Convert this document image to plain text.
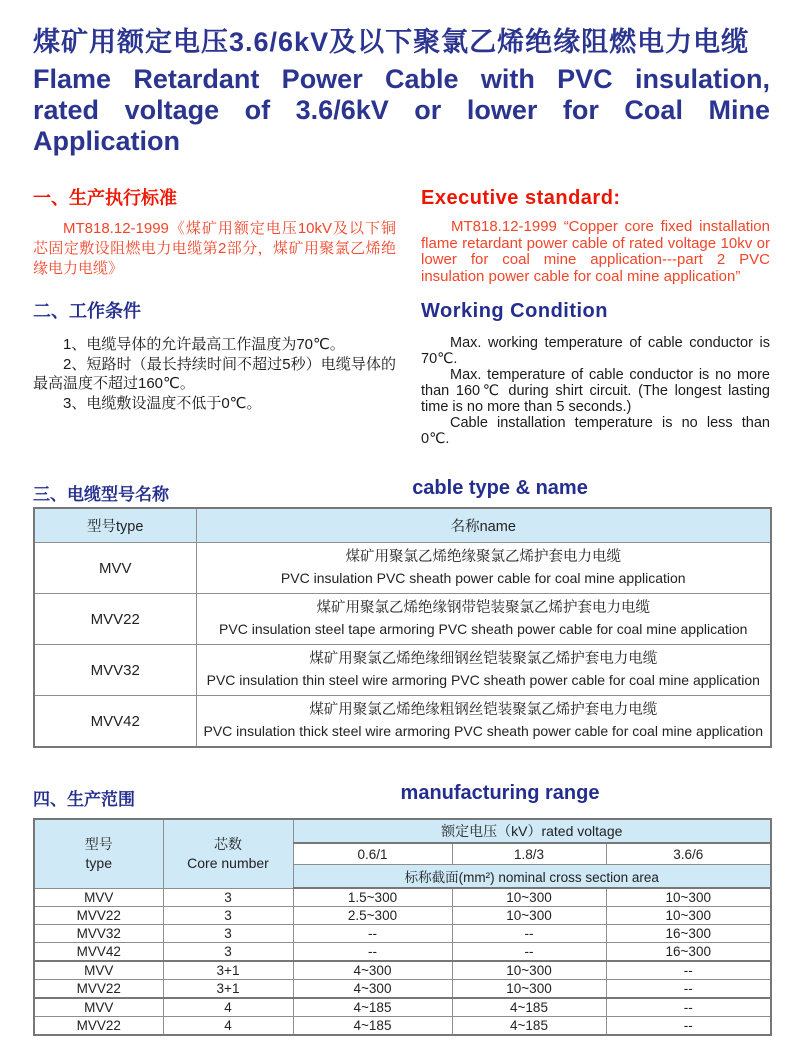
煤矿用额定电压3.6/6kV及以下聚氯乙烯绝缘阻燃电力电缆
Flame Retardant Power Cable with PVC insulation,
rated voltage of 3.6/6kV or lower for Coal Mine
Application
一、生产执行标准

MT818.12-1999《煤矿用额定电压10kV及以下铜芯固定敷设阻燃电力电缆第2部分，煤矿用聚氯乙烯绝缘电力电缆》

二、工作条件

1、电缆导体的允许最高工作温度为70℃。

2、短路时（最长持续时间不超过5秒）电缆导体的最高温度不超过160℃。

3、电缆敷设温度不低于0℃。

Executive standard:

MT818.12-1999 “Copper core fixed installation flame retardant power cable of rated voltage 10kv or lower for coal mine application---part 2 PVC insulation power cable for coal mine application”

Working Condition

Max. working temperature of cable conductor is 70℃.

Max. temperature of cable conductor is no more than 160℃ during shirt circuit. (The longest lasting time is no more than 5 seconds.)

Cable installation temperature is no less than 0℃.

三、电缆型号名称	cable type & name
型号type	名称name
MVV	煤矿用聚氯乙烯绝缘聚氯乙烯护套电力电缆
PVC insulation PVC sheath power cable for coal mine application

MVV22	煤矿用聚氯乙烯绝缘钢带铠装聚氯乙烯护套电力电缆
PVC insulation steel tape armoring PVC sheath power cable for coal mine application

MVV32	煤矿用聚氯乙烯绝缘细钢丝铠装聚氯乙烯护套电力电缆
PVC insulation thin steel wire armoring PVC sheath power cable for coal mine application

MVV42	煤矿用聚氯乙烯绝缘粗钢丝铠装聚氯乙烯护套电力电缆
PVC insulation thick steel wire armoring PVC sheath power cable for coal mine application
四、生产范围	manufacturing range
型号
type

芯数
Core number
	额定电压（kV）rated voltage
		0.6/1	1.8/3	3.6/6
		标称截面(mm²) nominal cross section area		
MVV	3	1.5~300	10~300	10~300
MVV22	3	2.5~300	10~300	10~300
MVV32	3	--	--	16~300
MVV42	3	--	--	16~300
MVV	3+1	4~300	10~300	--
MVV22	3+1	4~300	10~300	--
MVV	4	4~185	4~185	--
MVV22	4	4~185	4~185	--
